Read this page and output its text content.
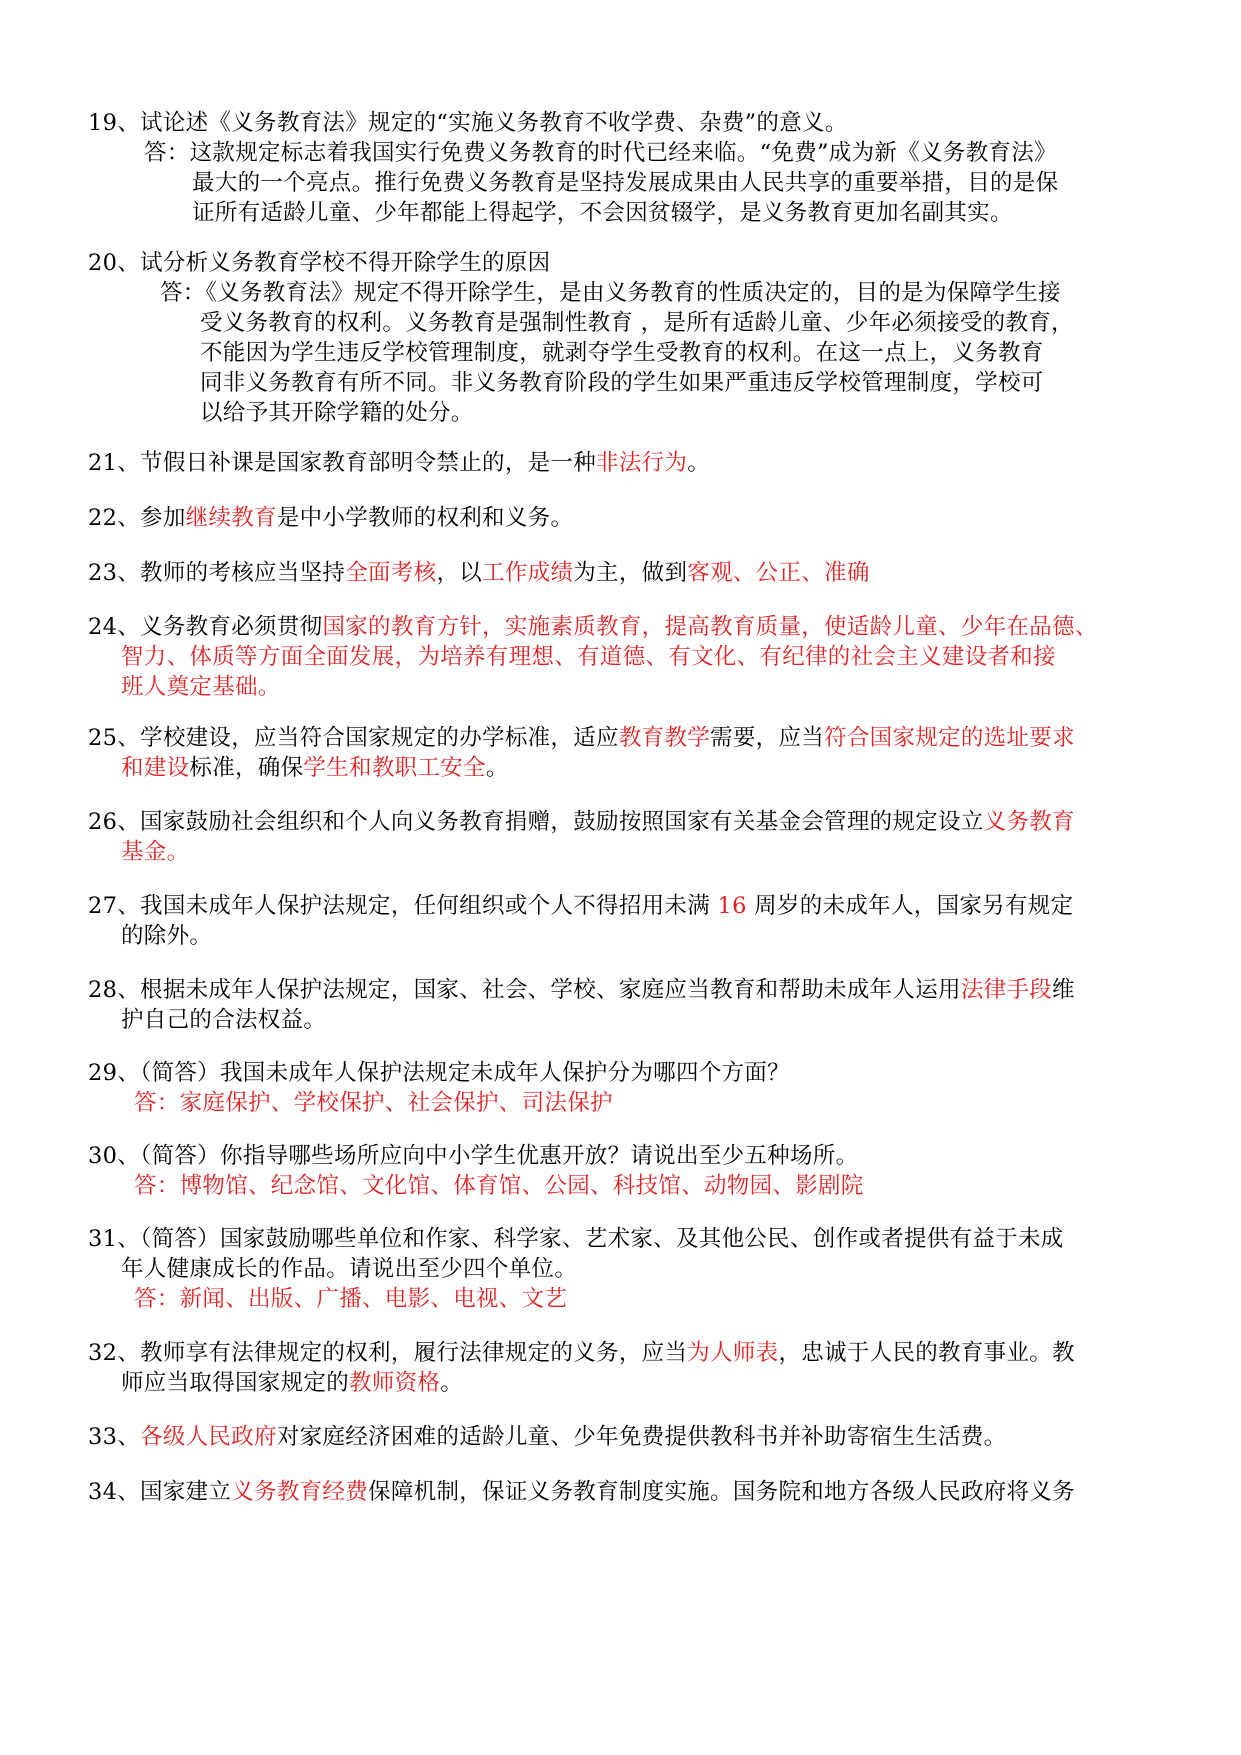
19、试论述《义务教育法》规定的“实施义务教育不收学费、杂费”的意义。
答：这款规定标志着我国实行免费义务教育的时代已经来临。“免费”成为新《义务教育法》
最大的一个亮点。推行免费义务教育是坚持发展成果由人民共享的重要举措，目的是保
证所有适龄儿童、少年都能上得起学，不会因贫辍学，是义务教育更加名副其实。
20、试分析义务教育学校不得开除学生的原因
答：《义务教育法》规定不得开除学生，是由义务教育的性质决定的，目的是为保障学生接
受义务教育的权利。义务教育是强制性教育 ，是所有适龄儿童、少年必须接受的教育，
不能因为学生违反学校管理制度，就剥夺学生受教育的权利。在这一点上，义务教育
同非义务教育有所不同。非义务教育阶段的学生如果严重违反学校管理制度，学校可
以给予其开除学籍的处分。
21、节假日补课是国家教育部明令禁止的，是一种非法行为。
22、参加继续教育是中小学教师的权利和义务。
23、教师的考核应当坚持全面考核，以工作成绩为主，做到客观、公正、准确
24、义务教育必须贯彻国家的教育方针，实施素质教育，提高教育质量，使适龄儿童、少年在品德、
智力、体质等方面全面发展，为培养有理想、有道德、有文化、有纪律的社会主义建设者和接
班人奠定基础。
25、学校建设，应当符合国家规定的办学标准，适应教育教学需要，应当符合国家规定的选址要求
和建设标准，确保学生和教职工安全。
26、国家鼓励社会组织和个人向义务教育捐赠，鼓励按照国家有关基金会管理的规定设立义务教育
基金。
27、我国未成年人保护法规定，任何组织或个人不得招用未满 16 周岁的未成年人，国家另有规定
的除外。
28、根据未成年人保护法规定，国家、社会、学校、家庭应当教育和帮助未成年人运用法律手段维
护自己的合法权益。
29、（简答）我国未成年人保护法规定未成年人保护分为哪四个方面？
答：家庭保护、学校保护、社会保护、司法保护
30、（简答）你指导哪些场所应向中小学生优惠开放？请说出至少五种场所。
答：博物馆、纪念馆、文化馆、体育馆、公园、科技馆、动物园、影剧院
31、（简答）国家鼓励哪些单位和作家、科学家、艺术家、及其他公民、创作或者提供有益于未成
年人健康成长的作品。请说出至少四个单位。
答：新闻、出版、广播、电影、电视、文艺
32、教师享有法律规定的权利，履行法律规定的义务，应当为人师表，忠诚于人民的教育事业。教
师应当取得国家规定的教师资格。
33、各级人民政府对家庭经济困难的适龄儿童、少年免费提供教科书并补助寄宿生生活费。
34、国家建立义务教育经费保障机制，保证义务教育制度实施。国务院和地方各级人民政府将义务
